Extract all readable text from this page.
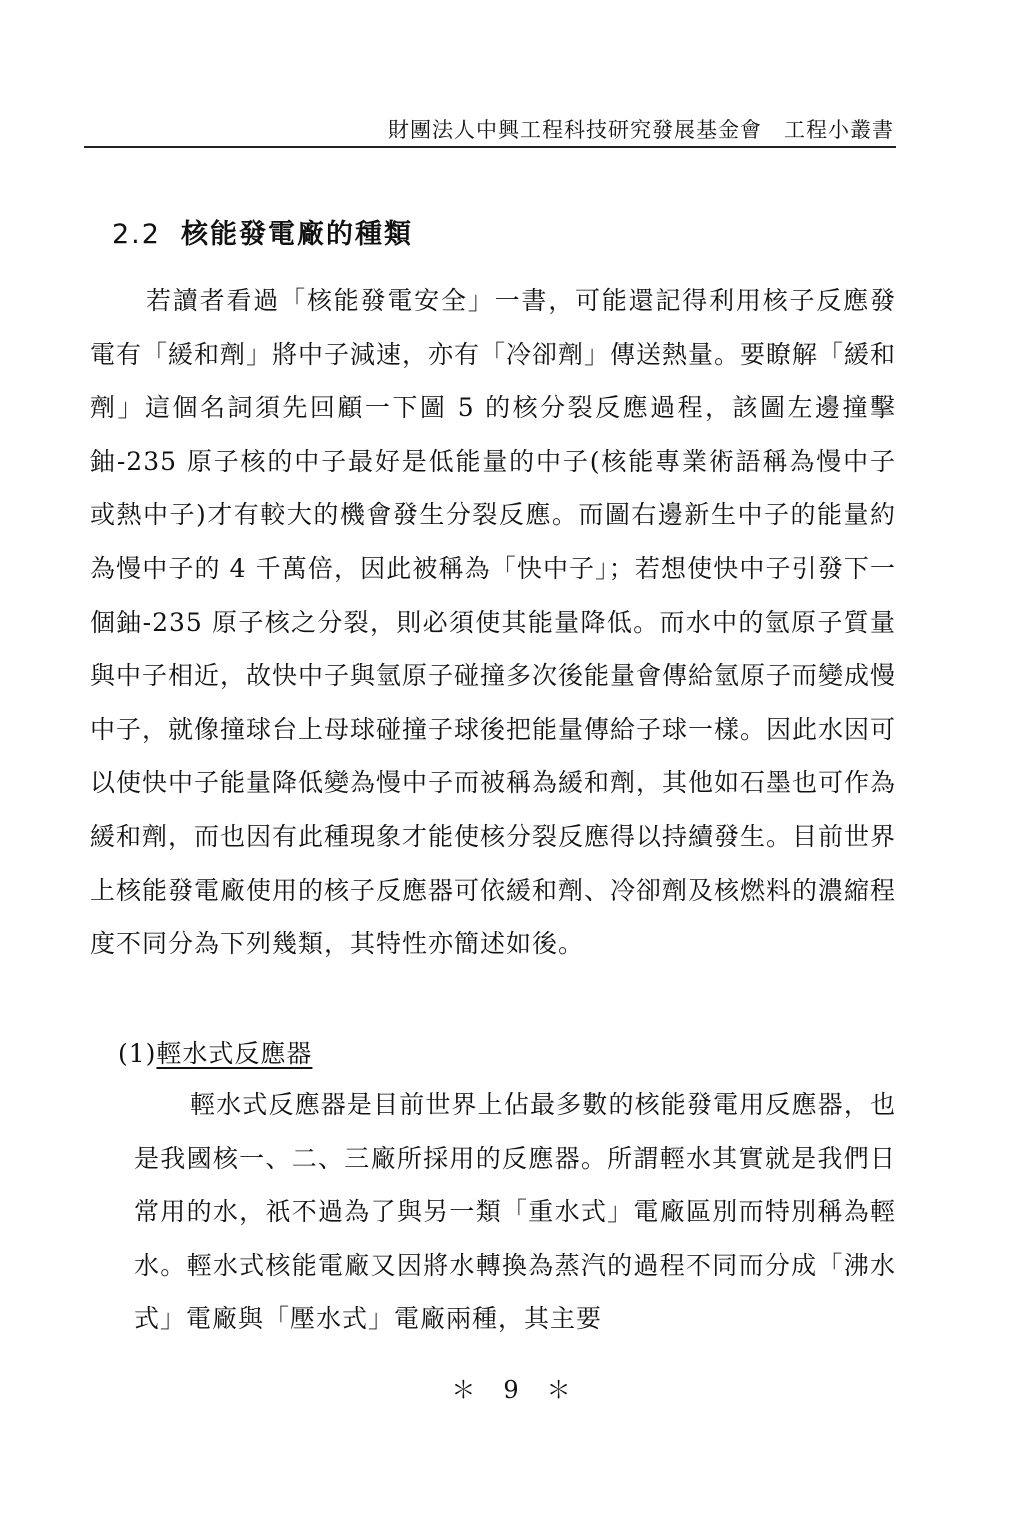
財團法人中興工程科技研究發展基金會　工程小叢書
2.2 核能發電廠的種類

若讀者看過「核能發電安全」一書，可能還記得利用核子反應發電有「緩和劑」將中子減速，亦有「冷卻劑」傳送熱量。要瞭解「緩和劑」這個名詞須先回顧一下圖 5 的核分裂反應過程，該圖左邊撞擊鈾-235 原子核的中子最好是低能量的中子(核能專業術語稱為慢中子或熱中子)才有較大的機會發生分裂反應。而圖右邊新生中子的能量約為慢中子的 4 千萬倍，因此被稱為「快中子」；若想使快中子引發下一個鈾-235 原子核之分裂，則必須使其能量降低。而水中的氫原子質量與中子相近，故快中子與氫原子碰撞多次後能量會傳給氫原子而變成慢中子，就像撞球台上母球碰撞子球後把能量傳給子球一樣。因此水因可以使快中子能量降低變為慢中子而被稱為緩和劑，其他如石墨也可作為緩和劑，而也因有此種現象才能使核分裂反應得以持續發生。目前世界上核能發電廠使用的核子反應器可依緩和劑、冷卻劑及核燃料的濃縮程度不同分為下列幾類，其特性亦簡述如後。

(1)輕水式反應器

輕水式反應器是目前世界上佔最多數的核能發電用反應器，也是我國核一、二、三廠所採用的反應器。所謂輕水其實就是我們日常用的水，祇不過為了與另一類「重水式」電廠區別而特別稱為輕水。輕水式核能電廠又因將水轉換為蒸汽的過程不同而分成「沸水式」電廠與「壓水式」電廠兩種，其主要

＊　9　＊
